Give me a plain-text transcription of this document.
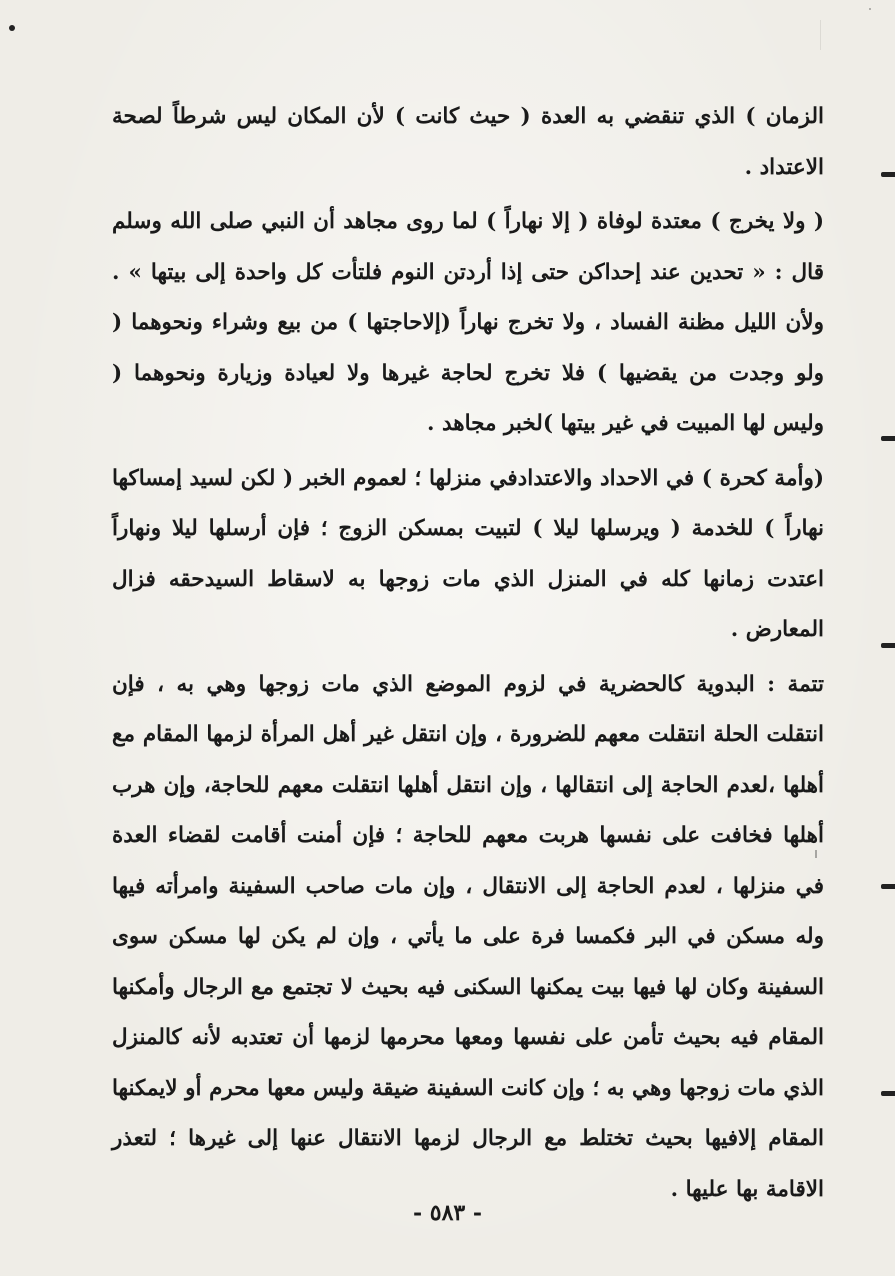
الزمان ) الذي تنقضي به العدة ( حيث كانت ) لأن المكان ليس شرطاً لصحة الاعتداد .

( ولا يخرج ) معتدة لوفاة ( إلا نهاراً ) لما روى مجاهد أن النبي صلى الله وسلم قال : « تحدين عند إحداكن حتى إذا أردتن النوم فلتأت كل واحدة إلى بيتها » . ولأن الليل مظنة الفساد ، ولا تخرج نهاراً (إلاحاجتها ) من بيع وشراء ونحوهما ( ولو وجدت من يقضيها ) فلا تخرج لحاجة غيرها ولا لعيادة وزيارة ونحوهما ( وليس لها المبيت في غير بيتها )لخبر مجاهد .

(وأمة كحرة ) في الاحداد والاعتدادفي منزلها ؛ لعموم الخبر ( لكن لسيد إمساكها نهاراً ) للخدمة ( ويرسلها ليلا ) لتبيت بمسكن الزوج ؛ فإن أرسلها ليلا ونهاراً اعتدت زمانها كله في المنزل الذي مات زوجها به لاسقاط السيدحقه فزال المعارض .

تتمة : البدوية كالحضرية في لزوم الموضع الذي مات زوجها وهي به ، فإن انتقلت الحلة انتقلت معهم للضرورة ، وإن انتقل غير أهل المرأة لزمها المقام مع أهلها ،لعدم الحاجة إلى انتقالها ، وإن انتقل أهلها انتقلت معهم للحاجة، وإن هرب أهلها فخافت على نفسها هربت معهم للحاجة ؛ فإن أمنت أقامت لقضاء العدة في منزلها ، لعدم الحاجة إلى الانتقال ، وإن مات صاحب السفينة وامرأته فيها وله مسكن في البر فكمسا فرة على ما يأتي ، وإن لم يكن لها مسكن سوى السفينة وكان لها فيها بيت يمكنها السكنى فيه بحيث لا تجتمع مع الرجال وأمكنها المقام فيه بحيث تأمن على نفسها ومعها محرمها لزمها أن تعتدبه لأنه كالمنزل الذي مات زوجها وهي به ؛ وإن كانت السفينة ضيقة وليس معها محرم أو لايمكنها المقام إلافيها بحيث تختلط مع الرجال لزمها الانتقال عنها إلى غيرها ؛ لتعذر الاقامة بها عليها .

- ٥٨٣ -
